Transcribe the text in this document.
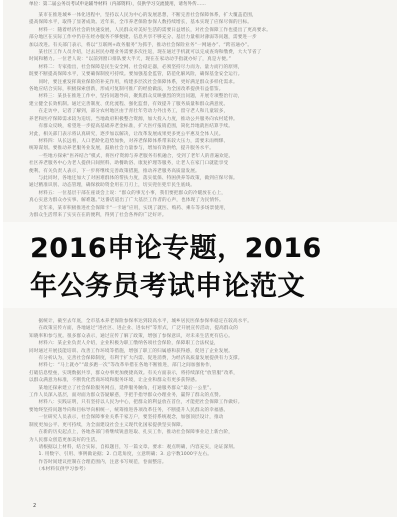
单位：第二届公务员考试申论辅导材料（内部资料），仅供学习交流使用，请勿外传……

　　某市在推进城乡一体化进程中，坚持以人民为中心的发展思想，不断完善社会保障体系，扩大覆盖范围，

提高保障水平，取得了显著成效。近年来，全市养老保险参保人数持续增长，基本实现了应保尽保的目标。

　　材料一：随着经济社会的快速发展，人民群众对美好生活的需要日益增长，对社会保障工作也提出了更高要求。

部分地区在实际工作中仍存在经办服务不够便捷、信息共享不够充分、基层力量相对薄弱等问题，需要进一步

加以改进。有关部门表示，将以“互联网+政务服务”为抓手，推动社会保险业务“一网通办”、“跨省通办”。

　　某社区工作人员介绍，过去居民办理业务需要多次往返，现在通过手机就可以完成查询和缴费，大大节省了

时间和精力。一位老人说：“以前到窗口排队要大半天，现在在家动动手指就办好了，真是方便。”

　　材料二：专家指出，社会保障是民生安全网、社会稳定器，必须坚持尽力而为、量力而行的原则，

既要不断提高保障水平，又要确保制度可持续。要加强基金监管，防范化解风险，确保基金安全运行。

　　同时，要注重发挥商业保险的补充作用，构建多层次社会保障体系，更好满足群众多样化需求。

各地应结合实际，积极探索创新，形成可复制可推广的经验做法，为全国改革提供有益借鉴。

　　材料三：某县在推进工作中，坚持问题导向，聚焦群众反映强烈的突出问题，开展专项整治行动，

建立健全长效机制。通过完善制度、优化流程、强化监督，有效提升了服务质量和群众满意度。

　　在走访中，记者了解到，部分农村地区由于青壮年劳动力外出务工，留守老人和儿童较多，

养老和医疗保障需求较为迫切。当地政府积极整合资源，加大投入力度，推动公共服务向农村延伸。

　　有群众反映，希望进一步提高基础养老金标准，扩大医疗报销范围，简化异地就医结算手续。

对此，相关部门表示将认真研究，逐步加以解决，让改革发展成果更多更公平惠及全体人民。

　　材料四：从长远看，人口老龄化趋势加快，对养老保障体系带来较大压力，需要未雨绸缪、

统筹谋划。要推动养老服务业发展，鼓励社会力量参与，增加有效供给，提升服务水平。

　　一些地方探索“医养结合”模式，将医疗资源与养老服务有机融合，受到了老年人的普遍欢迎。

社区养老服务中心为老人提供日间照料、助餐助浴、康复护理等服务，让老人在家门口就能享受

便利。有关负责人表示，下一步将继续完善政策措施，推动养老服务高质量发展。

　　与此同时，各地还加大了对困难群体的帮扶力度，落实低保、特困供养等政策，做到应保尽保。

通过精准识别、动态管理，确保救助资金用在刀刃上，切实兜住兜牢民生底线。

　　材料五：一位基层干部在座谈会上说：“群众的事无小事，我们要把群众的冷暖放在心上，

真心实意为群众办实事、解难题。”这番话道出了广大基层工作者的心声，也体现了为民情怀。

　　近年来，某市积极推进社会保障卡“一卡通”应用，实现了就医、购药、乘车等多场景使用，

为群众生活带来了实实在在的便利，得到了社会各界的广泛好评。

　　据统计，截至去年底，全市基本养老保险参保率达到较高水平，城乡居民医保参保率稳定在较高水平。

　　在政策宣传方面，各地通过“进社区、进企业、进农村”等形式，广泛开展宣传活动，提高群众的

知晓率和参与度。很多群众表示，通过宣传了解了政策，增强了参保意识，对未来生活更有信心。

　　材料六：某企业负责人介绍，企业积极为职工缴纳各项社会保险，保障职工合法权益，

同时通过开展技能培训、改善工作环境等措施，增强了职工的归属感和获得感，促进了企业发展。

　　有分析认为，完善社会保障制度，有利于扩大内需、促进消费，为经济高质量发展提供有力支撑。

　　材料七：“马上就办”“最多跑一次”等改革举措在各地不断推进，部门之间加强协作，

打破信息壁垒，实现数据共享，群众办事更加便捷高效。有关方面表示，将持续深化“放管服”改革，

以群众满意为标准，不断优化营商环境和服务环境，让企业和群众有更多获得感。

　　某地还探索建立了社会保险服务网点，延伸服务触角，打通服务群众“最后一公里”。

工作人员深入基层，面对面为群众答疑解惑，手把手指导群众办理业务，赢得了群众的点赞。

　　材料八：实践证明，只有坚持以人民为中心，把群众的利益放在首位，才能把社会保障工作做好。

要始终坚持问题导向和目标导向相统一，统筹推进各项改革任务，不断提升人民群众的幸福感。

　　一位研究人员表示，社会保障事业关系千家万户，要坚持系统观念，加强顶层设计，推动

制度更加公平、更可持续，为全面建设社会主义现代化国家提供坚实保障。

　　在新的历史起点上，各地各部门将继续锐意进取、扎实工作，推动社会保障事业迈上新台阶，

为人民群众创造更加美好的生活。

　　请根据以上材料，结合实际，自拟题目，写一篇文章。要求：观点明确，内容充实，论证深刻。

　　1. 用数字、引用、事例做论据；2. 自选角度，立意明确；3. 总字数1000字左右。

　　作答时间建议控制在合理范围内，注意书写规范，卷面整洁。

　　（本材料仅供学习参考）

2
2016申论专题，2016
年公务员考试申论范文
